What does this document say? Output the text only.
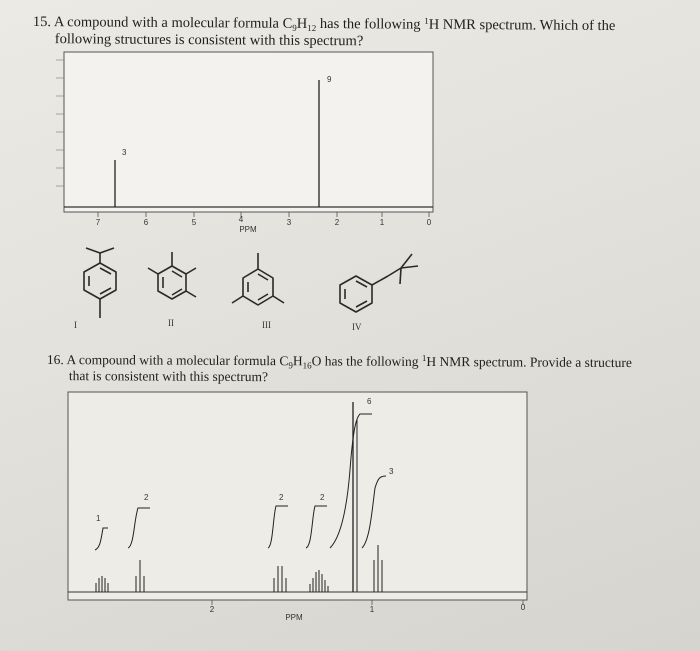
15. A compound with a molecular formula $C_9H_{12}$ has the following $^1$H NMR spectrum. Which of the
following structures is consistent with this spectrum?
16. A compound with a molecular formula $C_9H_{16}O$ has the following $^1$H NMR spectrum. Provide a structure
that is consistent with this spectrum?
7	6	5	4	3	2	1	0
PPM
3
9
I	II	III	IV
2	1	0
PPM
1
2	2	2
6
3
